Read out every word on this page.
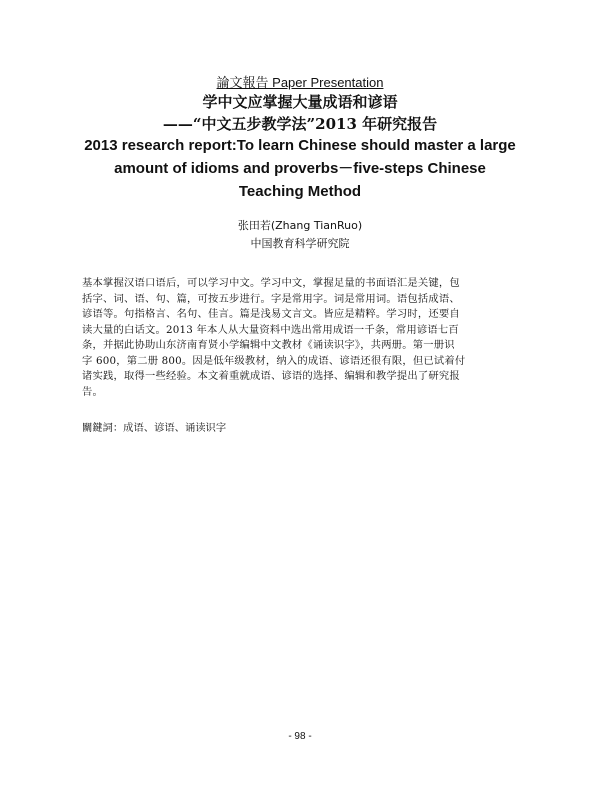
論文報告 Paper Presentation
学中文应掌握大量成语和谚语
——“中文五步教学法”2013 年研究报告
2013 research report:To learn Chinese should master a large amount of idioms and proverbs－five-steps Chinese Teaching Method
张田若(Zhang TianRuo)
中国教育科学研究院
基本掌握汉语口语后，可以学习中文。学习中文，掌握足量的书面语汇是关键，包
括字、词、语、句、篇，可按五步进行。字是常用字。词是常用词。语包括成语、
谚语等。句指格言、名句、佳言。篇是浅易文言文。皆应是精粹。学习时，还要自
读大量的白话文。2013 年本人从大量资料中选出常用成语一千条，常用谚语七百
条，并据此协助山东济南育贤小学编辑中文教材《诵读识字》，共两册。第一册识
字 600，第二册 800。因是低年级教材，纳入的成语、谚语还很有限，但已试着付
诸实践，取得一些经验。本文着重就成语、谚语的选择、编辑和教学提出了研究报
告。
關鍵詞：成语、谚语、诵读识字
- 98 -
